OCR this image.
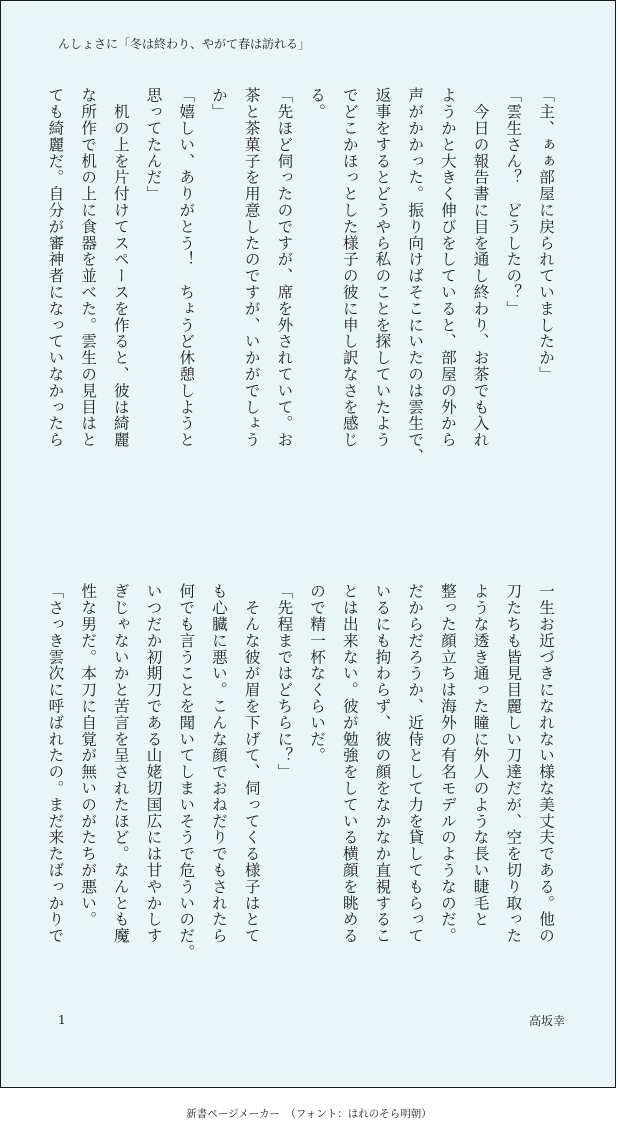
んしょさに「冬は終わり、やがて春は訪れる」
「主、ぁぁ部屋に戻られていましたか」
「雲生さん？　どうしたの？」
　今日の報告書に目を通し終わり、お茶でも入れ
ようかと大きく伸びをしていると、部屋の外から
声がかかった。振り向けばそこにいたのは雲生で、
返事をするとどうやら私のことを探していたよう
でどこかほっとした様子の彼に申し訳なさを感じ
る。
「先ほど伺ったのですが、席を外されていて。お
茶と茶菓子を用意したのですが、いかがでしょう
か」
「嬉しい、ありがとう！　ちょうど休憩しようと
思ってたんだ」
　机の上を片付けてスペースを作ると、彼は綺麗
な所作で机の上に食器を並べた。雲生の見目はと
ても綺麗だ。自分が審神者になっていなかったら
一生お近づきになれない様な美丈夫である。他の
刀たちも皆見目麗しい刀達だが、空を切り取った
ような透き通った瞳に外人のような長い睫毛と
整った顔立ちは海外の有名モデルのようなのだ。
だからだろうか、近侍として力を貸してもらって
いるにも拘わらず、彼の顔をなかなか直視するこ
とは出来ない。彼が勉強をしている横顔を眺める
ので精一杯なくらいだ。
「先程まではどちらに？」
　そんな彼が眉を下げて、伺ってくる様子はとて
も心臓に悪い。こんな顔でおねだりでもされたら
何でも言うことを聞いてしまいそうで危ういのだ。
いつだか初期刀である山姥切国広には甘やかしす
ぎじゃないかと苦言を呈されたほど。なんとも魔
性な男だ。本刀に自覚が無いのがたちが悪い。
「さっき雲次に呼ばれたの。まだ来たばっかりで
1	高坂幸
新書ページメーカー　（フォント：はれのそら明朝）
